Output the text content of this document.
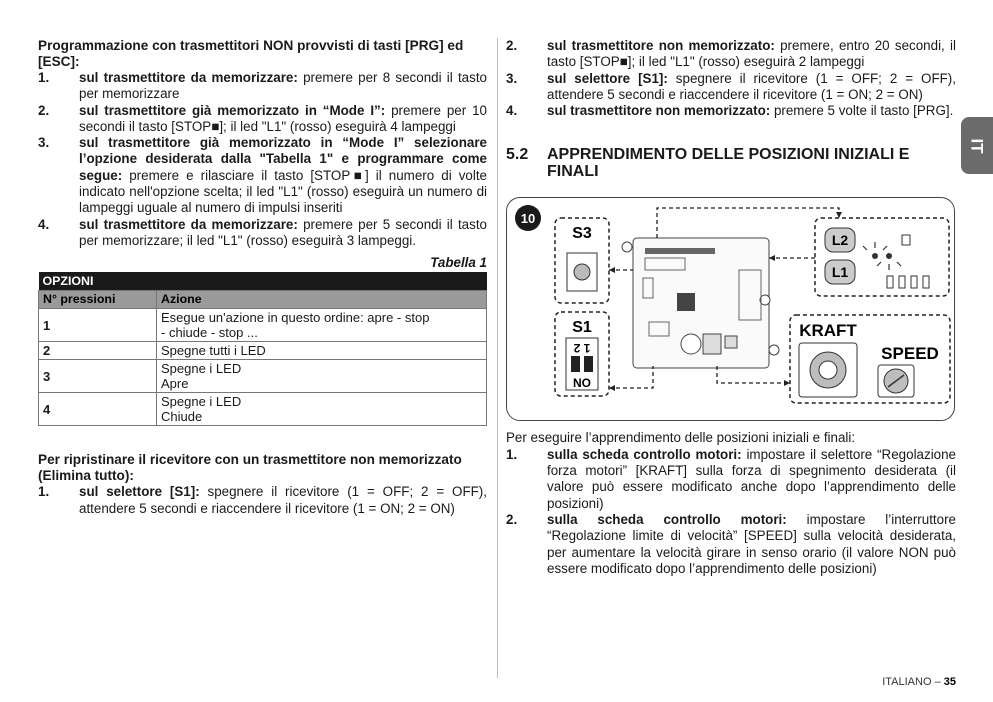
Programmazione con trasmettitori NON provvisti di tasti [PRG] ed [ESC]:

1.	sul trasmettitore da memorizzare: premere per 8 secondi il tasto per memorizzare
2.	sul trasmettitore già memorizzato in “Mode I”: premere per 10 secondi il tasto [STOP■]; il led "L1" (rosso) eseguirà 4 lampeggi
3.	sul trasmettitore già memorizzato in “Mode I” selezionare l’opzione desiderata dalla "Tabella 1" e programmare come segue: premere e rilasciare il tasto [STOP■] il numero di volte indicato nell'opzione scelta; il led "L1" (rosso) eseguirà un numero di lampeggi uguale al numero di impulsi inseriti
4.	sul trasmettitore da memorizzare: premere per 5 secondi il tasto per memorizzare; il led "L1" (rosso) eseguirà 3 lampeggi.
Tabella 1
OPZIONI	
N° pressioni	Azione
1	Esegue un'azione in questo ordine: apre - stop
- chiude - stop ...

2	Spegne tutti i LED

3	Spegne i LED
Apre

4	Spegne i LED
Chiude

Per ripristinare il ricevitore con un trasmettitore non memorizzato (Elimina tutto):

1.	sul selettore [S1]: spegnere il ricevitore (1 = OFF; 2 = OFF), attendere 5 secondi e riaccendere il ricevitore (1 = ON; 2 = ON)
2.	sul trasmettitore non memorizzato: premere, entro 20 secondi, il tasto [STOP■]; il led "L1" (rosso) eseguirà 2 lampeggi
3.	sul selettore [S1]: spegnere il ricevitore (1 = OFF; 2 = OFF), attendere 5 secondi e riaccendere il ricevitore (1 = ON; 2 = ON)
4.	sul trasmettitore non memorizzato: premere 5 volte il tasto [PRG].
5.2	APPRENDIMENTO DELLE POSIZIONI INIZIALI E FINALI
10
S3
S1
1 2
NO
L2
L1
KRAFT
SPEED

Per eseguire l’apprendimento delle posizioni iniziali e finali:

1.	sulla scheda controllo motori: impostare il selettore “Regolazione forza motori” [KRAFT] sulla forza di spegnimento desiderata (il valore può essere modificato anche dopo l’apprendimento delle posizioni)
2.	sulla scheda controllo motori: impostare l’interruttore “Regolazione limite di velocità” [SPEED] sulla velocità desiderata, per aumentare la velocità girare in senso orario (il valore NON può essere modificato dopo l’apprendimento delle posizioni)
IT
ITALIANO – 35
